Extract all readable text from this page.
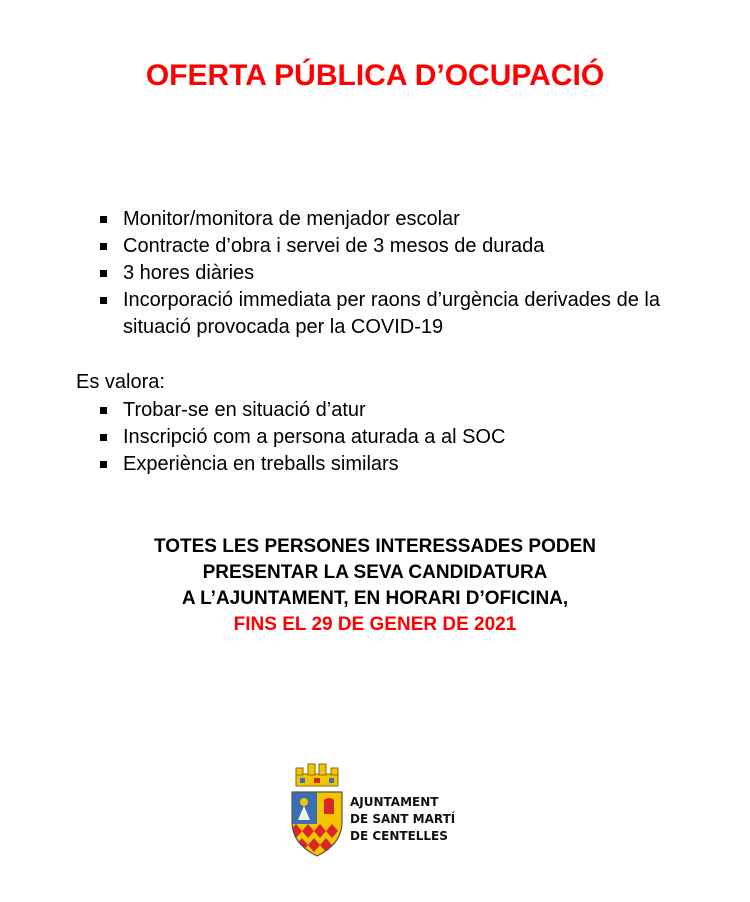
OFERTA PÚBLICA D’OCUPACIÓ
Monitor/monitora de menjador escolar
Contracte d’obra i servei de 3 mesos de durada
3 hores diàries
Incorporació immediata per raons d’urgència derivades de la situació provocada per la COVID-19

Es valora:

Trobar-se en situació d’atur
Inscripció com a persona aturada a al SOC
Experiència en treballs similars

TOTES LES PERSONES INTERESSADES PODEN
PRESENTAR LA SEVA CANDIDATURA
A L’AJUNTAMENT, EN HORARI D’OFICINA,
FINS EL 29 DE GENER DE 2021

AJUNTAMENT
DE SANT MARTÍ
DE CENTELLES
